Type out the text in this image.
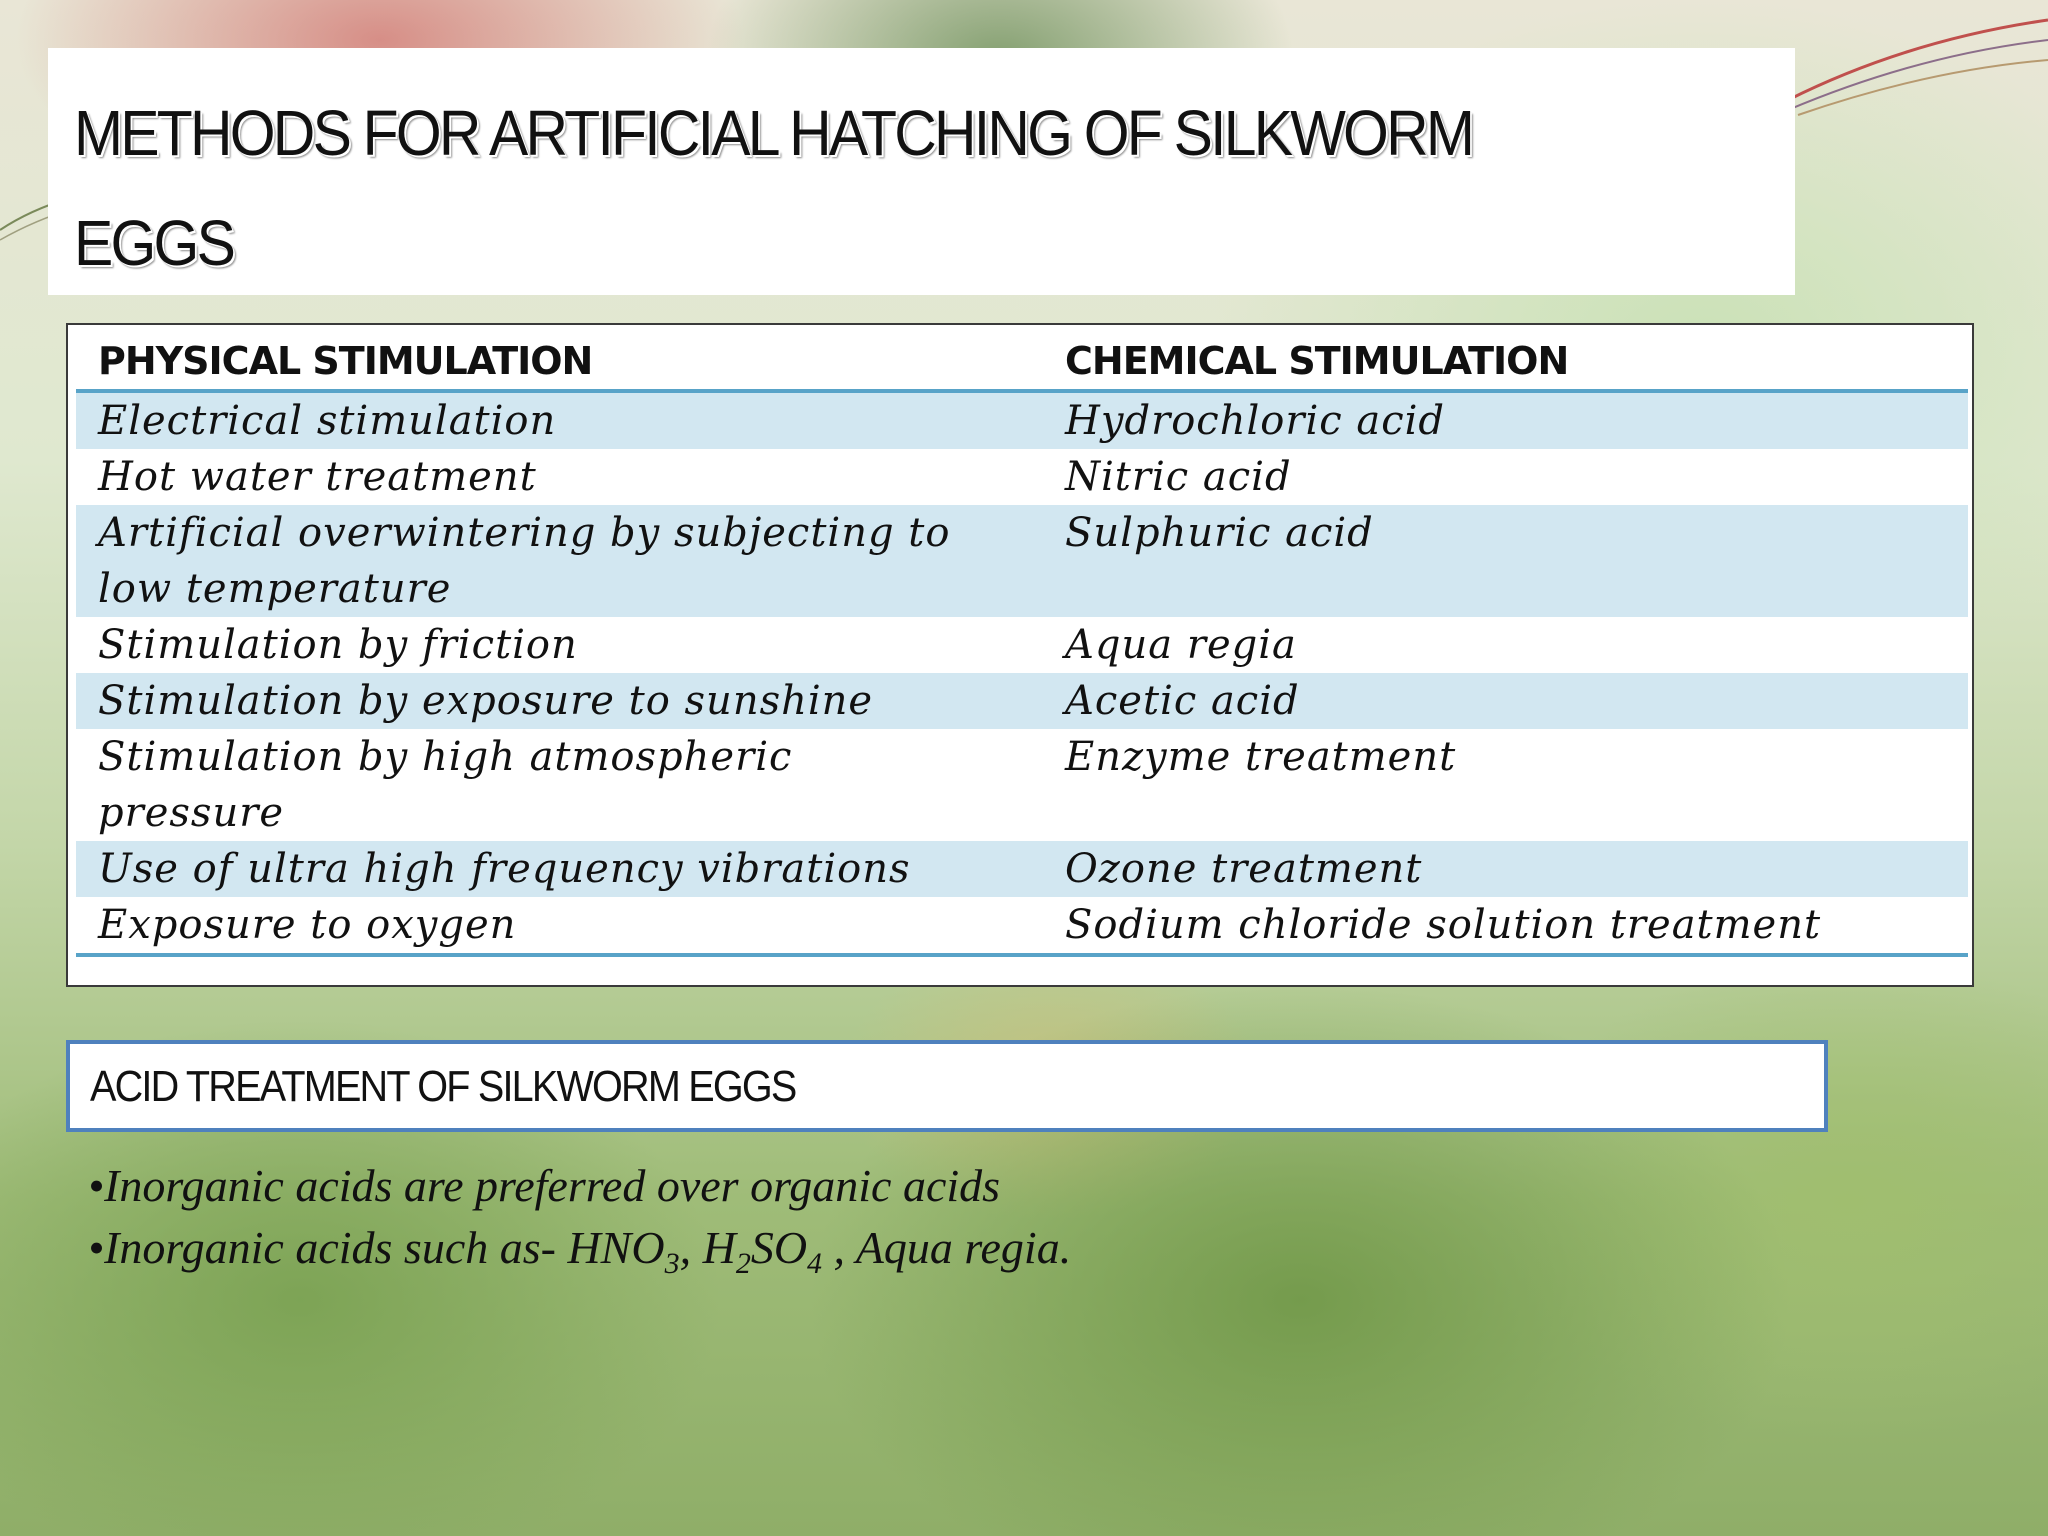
METHODS FOR ARTIFICIAL HATCHING OF SILKWORM EGGS
PHYSICAL STIMULATION	CHEMICAL STIMULATION
Electrical stimulation	Hydrochloric acid
Hot water treatment	Nitric acid
Artificial overwintering by subjecting to low temperature	Sulphuric acid
Stimulation by friction	Aqua regia
Stimulation by exposure to sunshine	Acetic acid
Stimulation by high atmospheric pressure	Enzyme treatment
Use of ultra high frequency vibrations	Ozone treatment
Exposure to oxygen	Sodium chloride solution treatment
ACID TREATMENT OF SILKWORM EGGS
•Inorganic acids are preferred over organic acids
•Inorganic acids such as- $HNO_3$, $H_2SO_4$ , Aqua regia.
